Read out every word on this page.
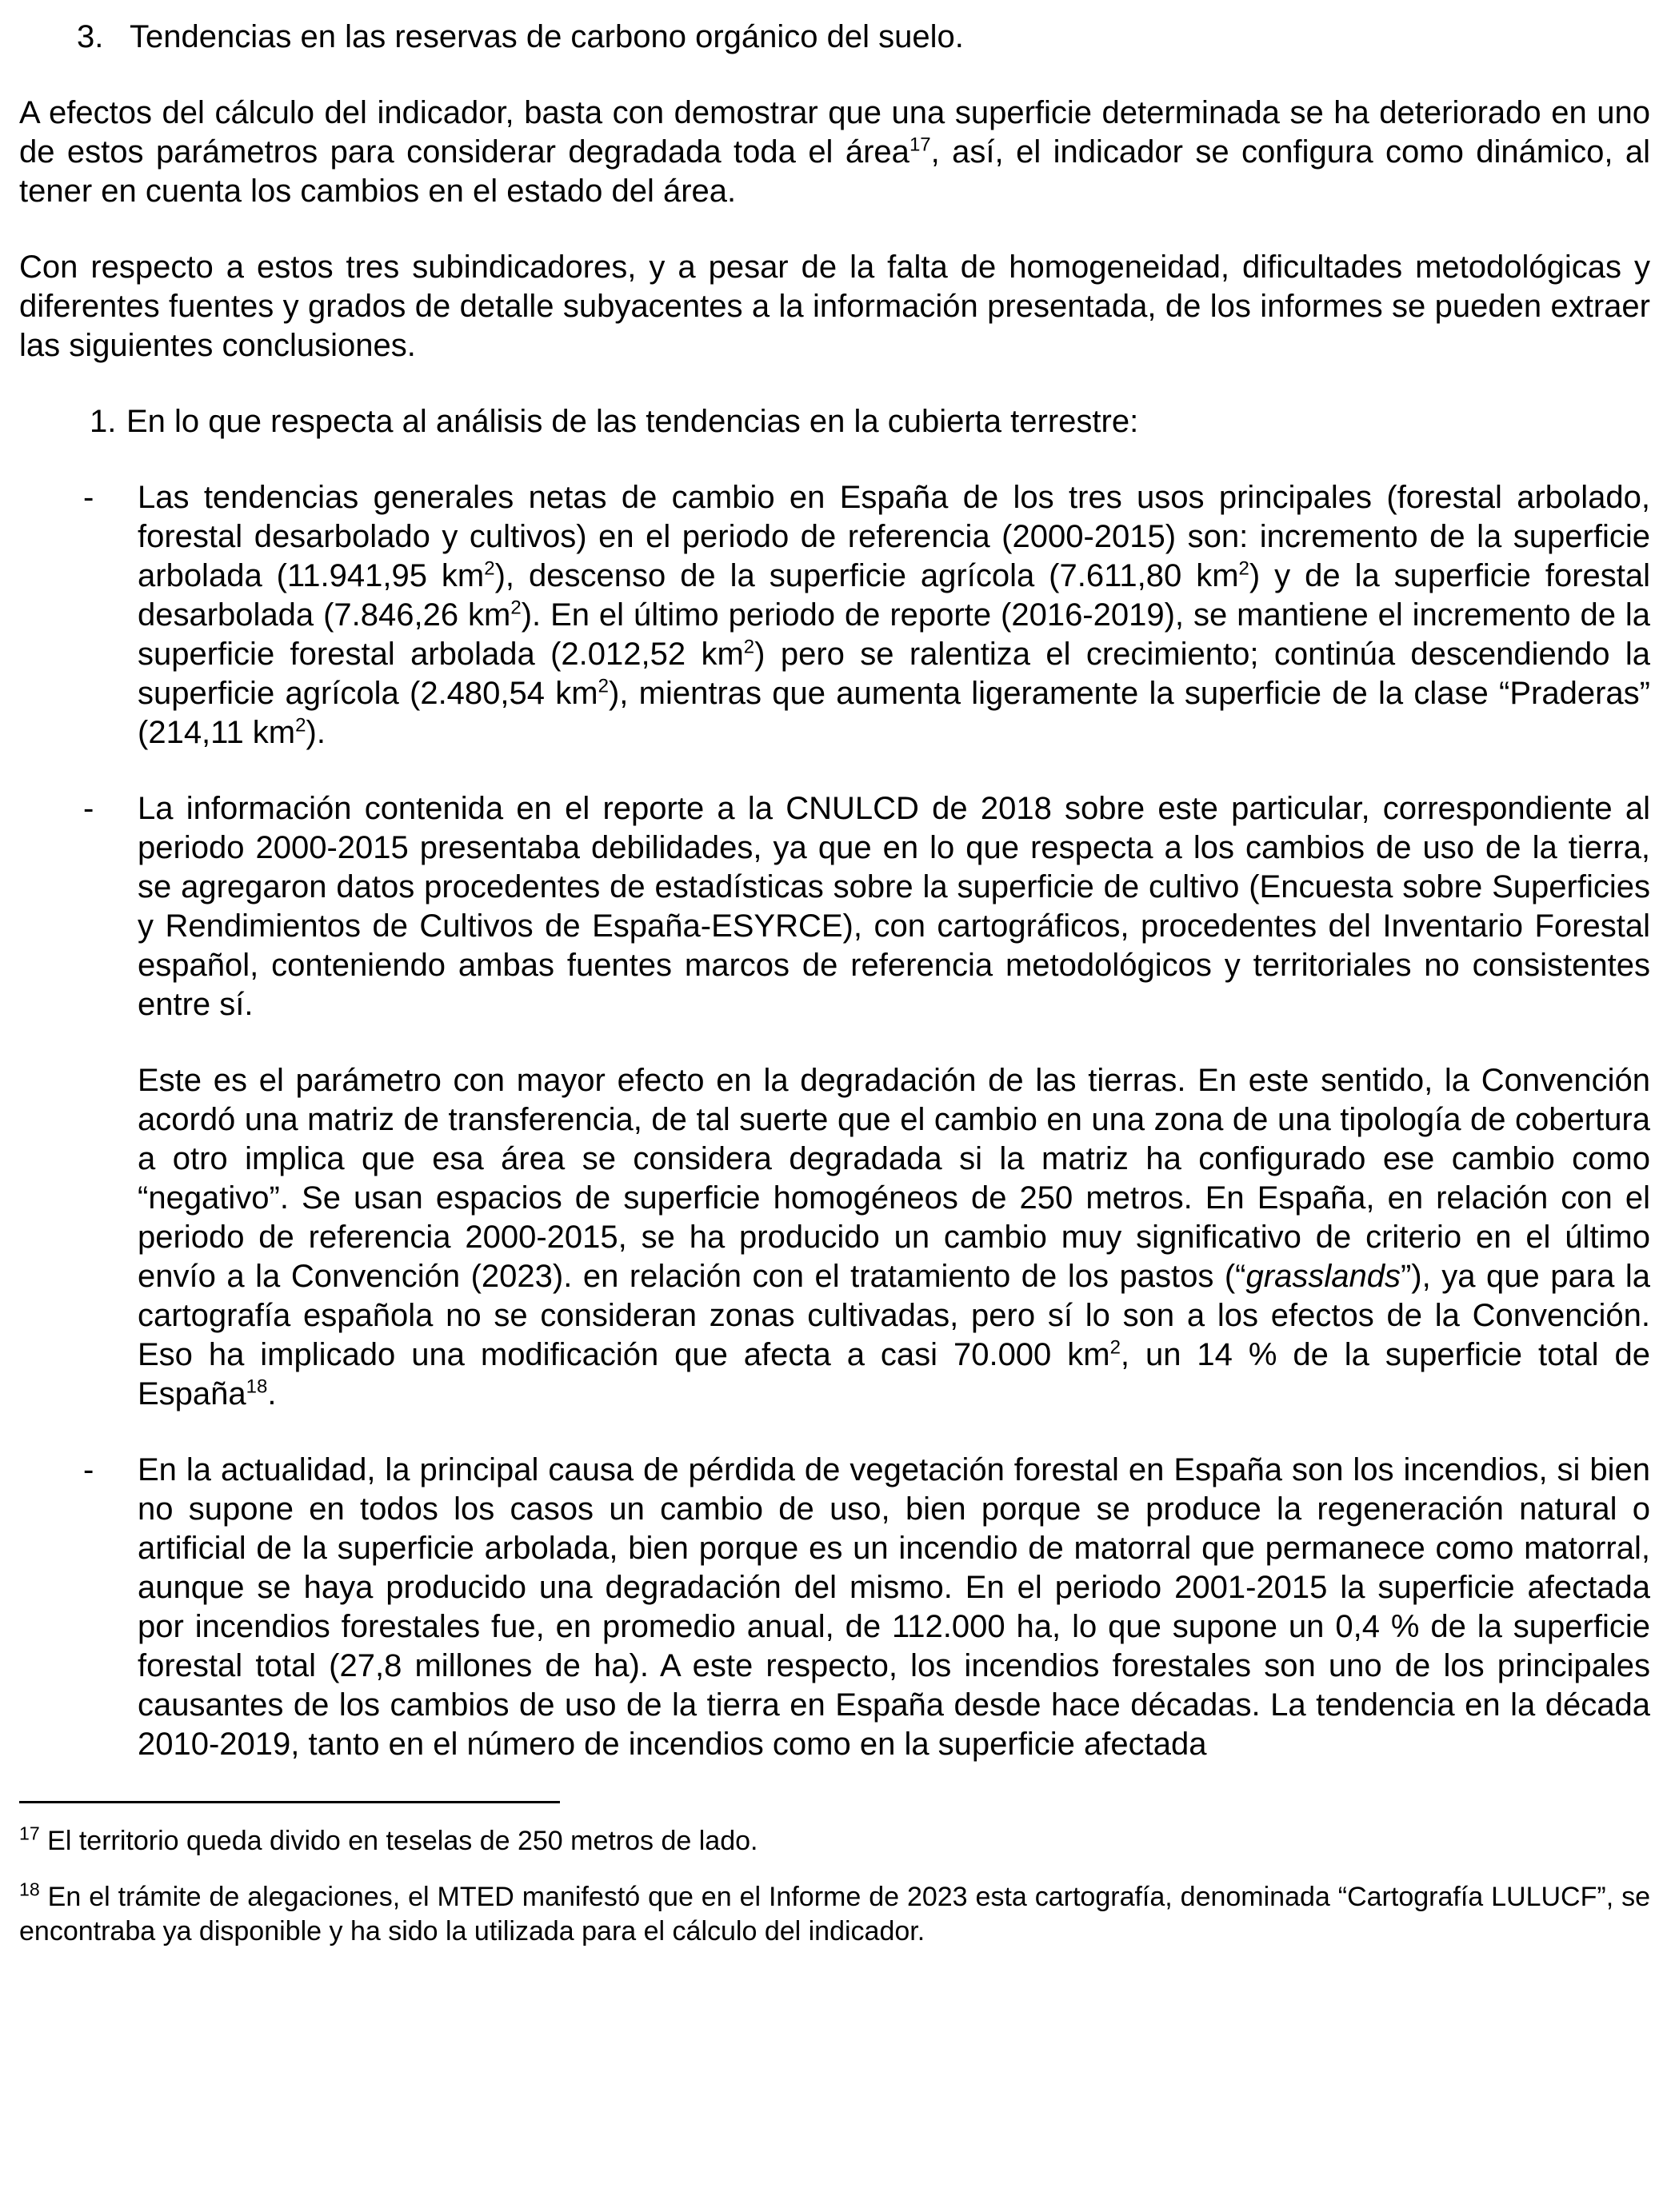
3. Tendencias en las reservas de carbono orgánico del suelo.

A efectos del cálculo del indicador, basta con demostrar que una superficie determinada se ha deteriorado en uno de estos parámetros para considerar degradada toda el área$^{17}$, así, el indicador se configura como dinámico, al tener en cuenta los cambios en el estado del área.

Con respecto a estos tres subindicadores, y a pesar de la falta de homogeneidad, dificultades metodológicas y diferentes fuentes y grados de detalle subyacentes a la información presentada, de los informes se pueden extraer las siguientes conclusiones.

1. En lo que respecta al análisis de las tendencias en la cubierta terrestre:
- Las tendencias generales netas de cambio en España de los tres usos principales (forestal arbolado, forestal desarbolado y cultivos) en el periodo de referencia (2000-2015) son: incremento de la superficie arbolada (11.941,95 $km^2$), descenso de la superficie agrícola (7.611,80 $km^2$) y de la superficie forestal desarbolada (7.846,26 $km^2$). En el último periodo de reporte (2016-2019), se mantiene el incremento de la superficie forestal arbolada (2.012,52 $km^2$) pero se ralentiza el crecimiento; continúa descendiendo la superficie agrícola (2.480,54 $km^2$), mientras que aumenta ligeramente la superficie de la clase “Praderas” (214,11 $km^2$).

- La información contenida en el reporte a la CNULCD de 2018 sobre este particular, correspondiente al periodo 2000-2015 presentaba debilidades, ya que en lo que respecta a los cambios de uso de la tierra, se agregaron datos procedentes de estadísticas sobre la superficie de cultivo (Encuesta sobre Superficies y Rendimientos de Cultivos de España-ESYRCE), con cartográficos, procedentes del Inventario Forestal español, conteniendo ambas fuentes marcos de referencia metodológicos y territoriales no consistentes entre sí.

Este es el parámetro con mayor efecto en la degradación de las tierras. En este sentido, la Convención acordó una matriz de transferencia, de tal suerte que el cambio en una zona de una tipología de cobertura a otro implica que esa área se considera degradada si la matriz ha configurado ese cambio como “negativo”. Se usan espacios de superficie homogéneos de 250 metros. En España, en relación con el periodo de referencia 2000-2015, se ha producido un cambio muy significativo de criterio en el último envío a la Convención (2023). en relación con el tratamiento de los pastos (“grasslands”), ya que para la cartografía española no se consideran zonas cultivadas, pero sí lo son a los efectos de la Convención. Eso ha implicado una modificación que afecta a casi 70.000 $km^2$, un 14 % de la superficie total de España$^{18}$.

- En la actualidad, la principal causa de pérdida de vegetación forestal en España son los incendios, si bien no supone en todos los casos un cambio de uso, bien porque se produce la regeneración natural o artificial de la superficie arbolada, bien porque es un incendio de matorral que permanece como matorral, aunque se haya producido una degradación del mismo. En el periodo 2001-2015 la superficie afectada por incendios forestales fue, en promedio anual, de 112.000 ha, lo que supone un 0,4 % de la superficie forestal total (27,8 millones de ha). A este respecto, los incendios forestales son uno de los principales causantes de los cambios de uso de la tierra en España desde hace décadas. La tendencia en la década 2010-2019, tanto en el número de incendios como en la superficie afectada

$^{17}$ El territorio queda divido en teselas de 250 metros de lado.

$^{18}$ En el trámite de alegaciones, el MTED manifestó que en el Informe de 2023 esta cartografía, denominada “Cartografía LULUCF”, se encontraba ya disponible y ha sido la utilizada para el cálculo del indicador.
